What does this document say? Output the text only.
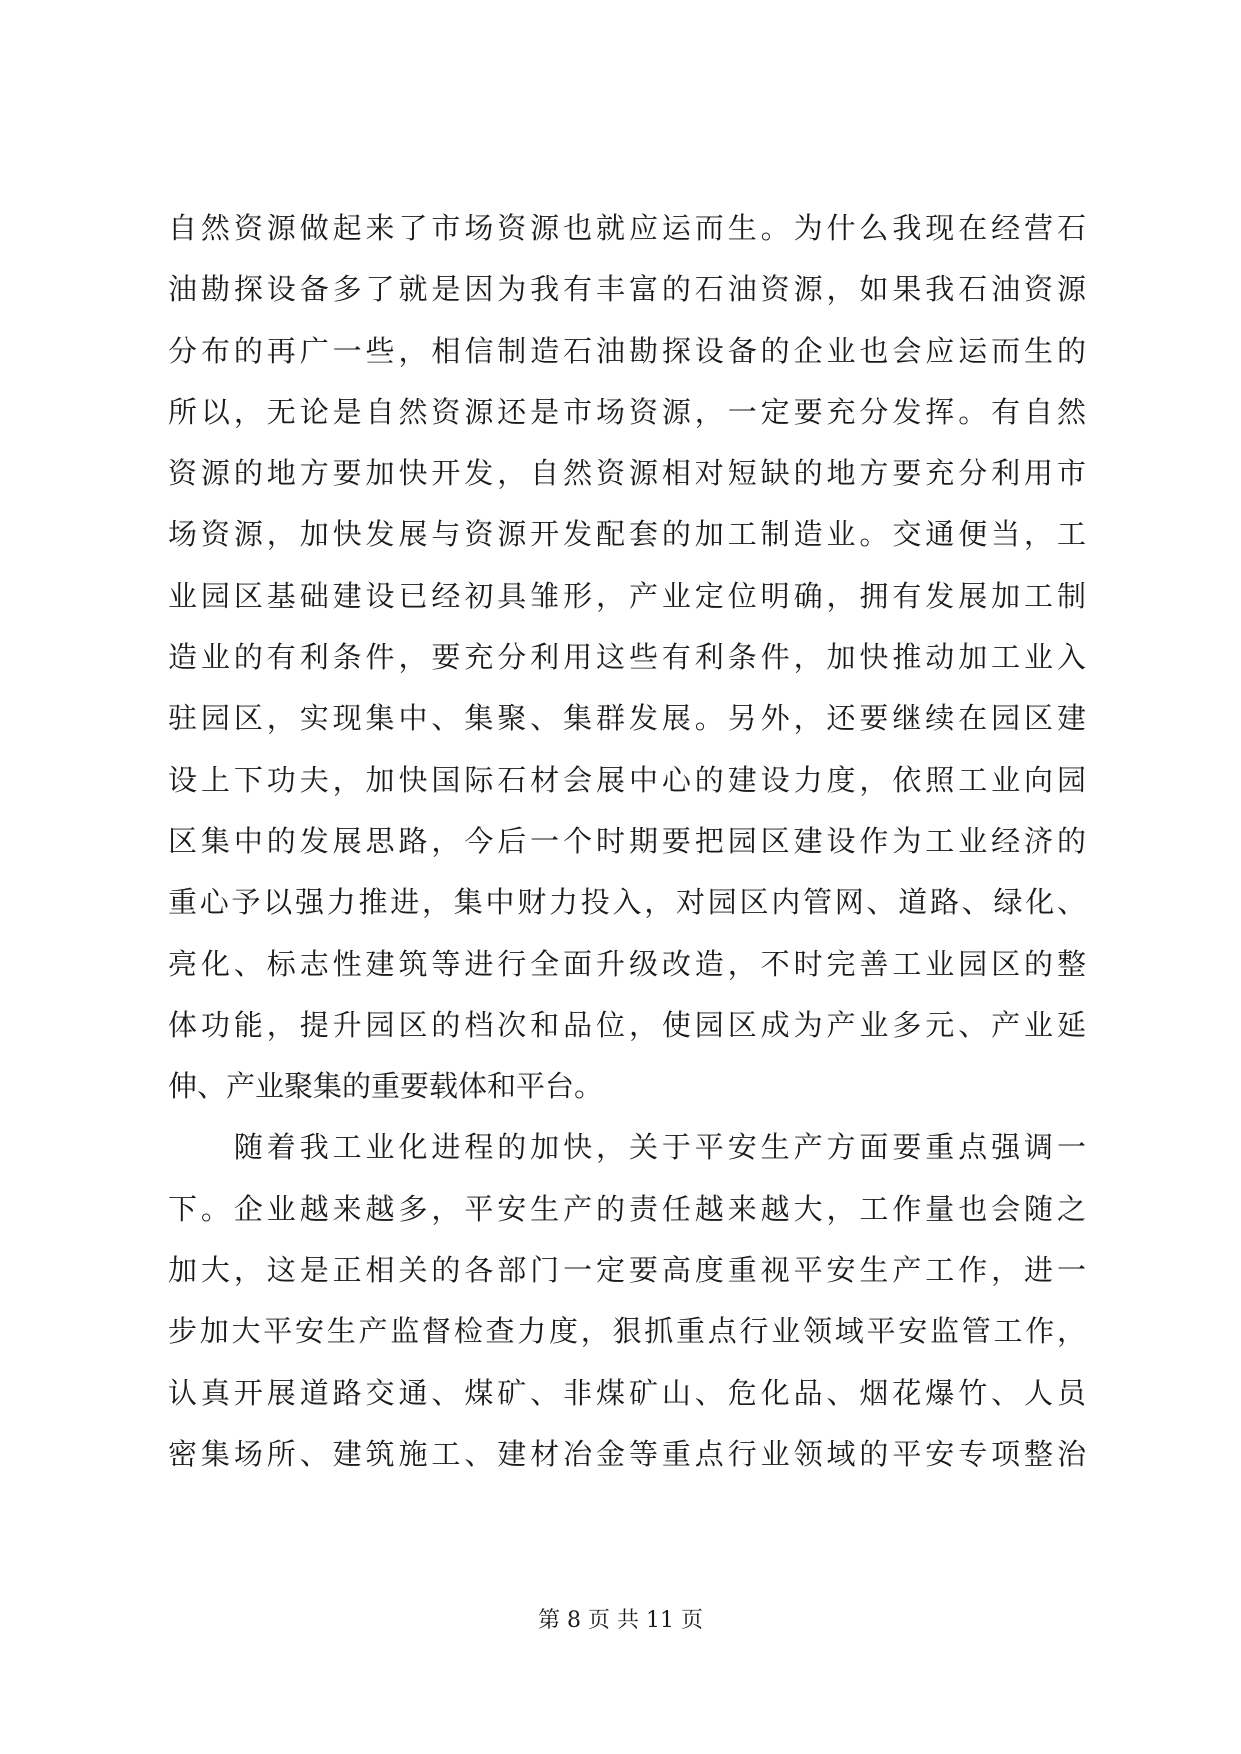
自然资源做起来了市场资源也就应运而生。为什么我现在经营石
油勘探设备多了就是因为我有丰富的石油资源，如果我石油资源
分布的再广一些，相信制造石油勘探设备的企业也会应运而生的
所以，无论是自然资源还是市场资源，一定要充分发挥。有自然
资源的地方要加快开发，自然资源相对短缺的地方要充分利用市
场资源，加快发展与资源开发配套的加工制造业。交通便当，工
业园区基础建设已经初具雏形，产业定位明确，拥有发展加工制
造业的有利条件，要充分利用这些有利条件，加快推动加工业入
驻园区，实现集中、集聚、集群发展。另外，还要继续在园区建
设上下功夫，加快国际石材会展中心的建设力度，依照工业向园
区集中的发展思路，今后一个时期要把园区建设作为工业经济的
重心予以强力推进，集中财力投入，对园区内管网、道路、绿化、
亮化、标志性建筑等进行全面升级改造，不时完善工业园区的整
体功能，提升园区的档次和品位，使园区成为产业多元、产业延
伸、产业聚集的重要载体和平台。
　　随着我工业化进程的加快，关于平安生产方面要重点强调一
下。企业越来越多，平安生产的责任越来越大，工作量也会随之
加大，这是正相关的各部门一定要高度重视平安生产工作，进一
步加大平安生产监督检查力度，狠抓重点行业领域平安监管工作，
认真开展道路交通、煤矿、非煤矿山、危化品、烟花爆竹、人员
密集场所、建筑施工、建材冶金等重点行业领域的平安专项整治
第 8 页 共 11 页
